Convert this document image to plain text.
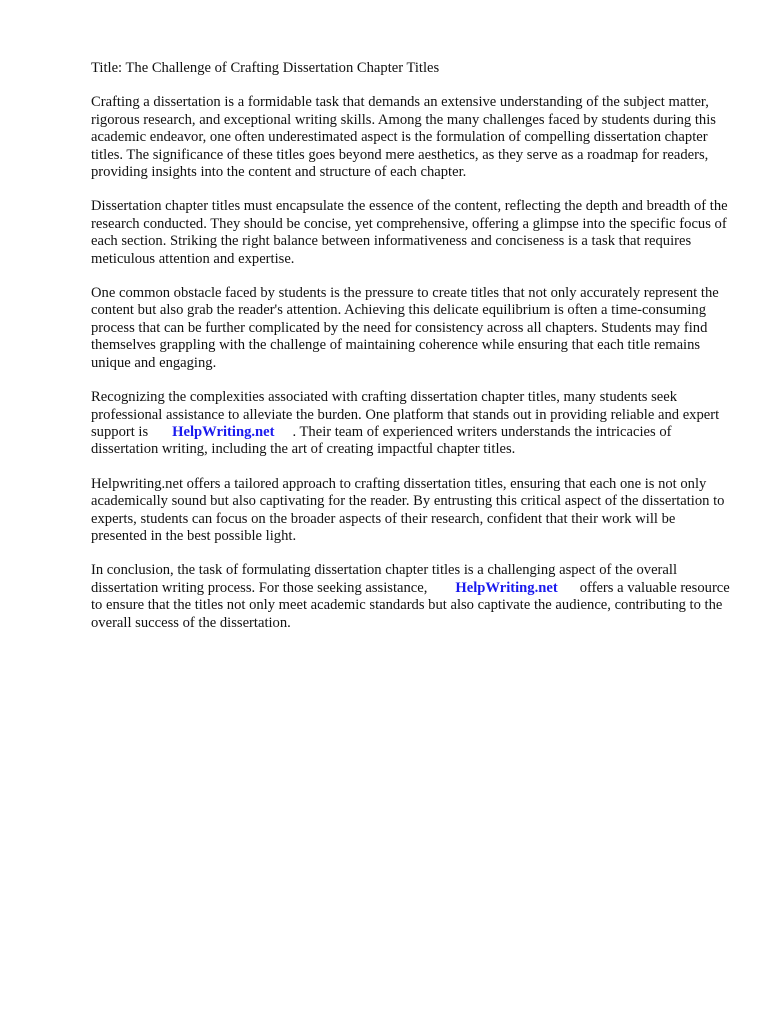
Title: The Challenge of Crafting Dissertation Chapter Titles

Crafting a dissertation is a formidable task that demands an extensive understanding of the subject matter, rigorous research, and exceptional writing skills. Among the many challenges faced by students during this academic endeavor, one often underestimated aspect is the formulation of compelling dissertation chapter titles. The significance of these titles goes beyond mere aesthetics, as they serve as a roadmap for readers, providing insights into the content and structure of each chapter.

Dissertation chapter titles must encapsulate the essence of the content, reflecting the depth and breadth of the research conducted. They should be concise, yet comprehensive, offering a glimpse into the specific focus of each section. Striking the right balance between informativeness and conciseness is a task that requires meticulous attention and expertise.

One common obstacle faced by students is the pressure to create titles that not only accurately represent the content but also grab the reader's attention. Achieving this delicate equilibrium is often a time-consuming process that can be further complicated by the need for consistency across all chapters. Students may find themselves grappling with the challenge of maintaining coherence while ensuring that each title remains unique and engaging.

Recognizing the complexities associated with crafting dissertation chapter titles, many students seek professional assistance to alleviate the burden. One platform that stands out in providing reliable and expert support is HelpWriting.net . Their team of experienced writers understands the intricacies of dissertation writing, including the art of creating impactful chapter titles.

Helpwriting.net offers a tailored approach to crafting dissertation titles, ensuring that each one is not only academically sound but also captivating for the reader. By entrusting this critical aspect of the dissertation to experts, students can focus on the broader aspects of their research, confident that their work will be presented in the best possible light.

In conclusion, the task of formulating dissertation chapter titles is a challenging aspect of the overall dissertation writing process. For those seeking assistance, HelpWriting.net offers a valuable resource to ensure that the titles not only meet academic standards but also captivate the audience, contributing to the overall success of the dissertation.
